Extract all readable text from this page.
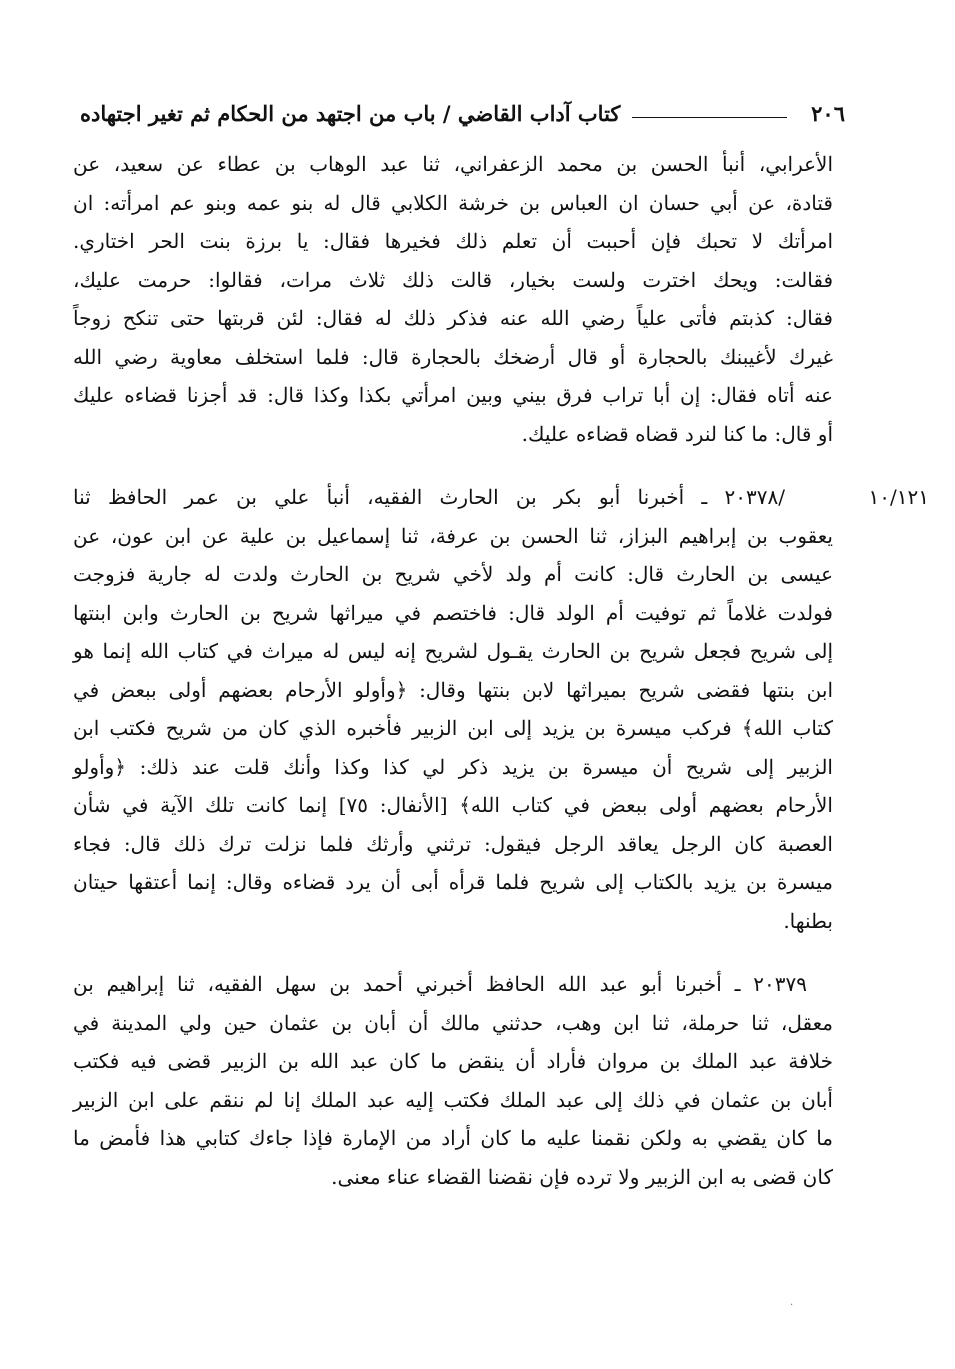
٢٠٦
كتاب آداب القاضي / باب من اجتهد من الحكام ثم تغير اجتهاده
الأعرابي، أنبأ الحسن بن محمد الزعفراني، ثنا عبد الوهاب بن عطاء عن سعيد، عن
قتادة، عن أبي حسان ان العباس بن خرشة الكلابي قال له بنو عمه وبنو عم امرأته: ان
امرأتك لا تحبك فإن أحببت أن تعلم ذلك فخيرها فقال: يا برزة بنت الحر اختاري.
فقالت: ويحك اخترت ولست بخيار، قالت ذلك ثلاث مرات، فقالوا: حرمت عليك،
فقال: كذبتم فأتى علياً رضي الله عنه فذكر ذلك له فقال: لئن قربتها حتى تنكح زوجاً
غيرك لأغيبنك بالحجارة أو قال أرضخك بالحجارة قال: فلما استخلف معاوية رضي الله
عنه أتاه فقال: إن أبا تراب فرق بيني وبين امرأتي بكذا وكذا قال: قد أجزنا قضاءه عليك
أو قال: ما كنا لنرد قضاه قضاءه عليك.
١٠/١٢١
/٢٠٣٧٨ ـ أخبرنا أبو بكر بن الحارث الفقيه، أنبأ علي بن عمر الحافظ ثنا
يعقوب بن إبراهيم البزاز، ثنا الحسن بن عرفة، ثنا إسماعيل بن علية عن ابن عون، عن
عيسى بن الحارث قال: كانت أم ولد لأخي شريح بن الحارث ولدت له جارية فزوجت
فولدت غلاماً ثم توفيت أم الولد قال: فاختصم في ميراثها شريح بن الحارث وابن ابنتها
إلى شريح فجعل شريح بن الحارث يقـول لشريح إنه ليس له ميراث في كتاب الله إنما هو
ابن بنتها فقضى شريح بميراثها لابن بنتها وقال: ﴿وأولو الأرحام بعضهم أولى ببعض في
كتاب الله﴾ فركب ميسرة بن يزيد إلى ابن الزبير فأخبره الذي كان من شريح فكتب ابن
الزبير إلى شريح أن ميسرة بن يزيد ذكر لي كذا وكذا وأنك قلت عند ذلك: ﴿وأولو
الأرحام بعضهم أولى ببعض في كتاب الله﴾ [الأنفال: ٧٥] إنما كانت تلك الآية في شأن
العصبة كان الرجل يعاقد الرجل فيقول: ترثني وأرثك فلما نزلت ترك ذلك قال: فجاء
ميسرة بن يزيد بالكتاب إلى شريح فلما قرأه أبى أن يرد قضاءه وقال: إنما أعتقها حيتان
بطنها.
٢٠٣٧٩ ـ أخبرنا أبو عبد الله الحافظ أخبرني أحمد بن سهل الفقيه، ثنا إبراهيم بن
معقل، ثنا حرملة، ثنا ابن وهب، حدثني مالك أن أبان بن عثمان حين ولي المدينة في
خلافة عبد الملك بن مروان فأراد أن ينقض ما كان عبد الله بن الزبير قضى فيه فكتب
أبان بن عثمان في ذلك إلى عبد الملك فكتب إليه عبد الملك إنا لم ننقم على ابن الزبير
ما كان يقضي به ولكن نقمنا عليه ما كان أراد من الإمارة فإذا جاءك كتابي هذا فأمض ما
كان قضى به ابن الزبير ولا ترده فإن نقضنا القضاء عناء معنى.
·
